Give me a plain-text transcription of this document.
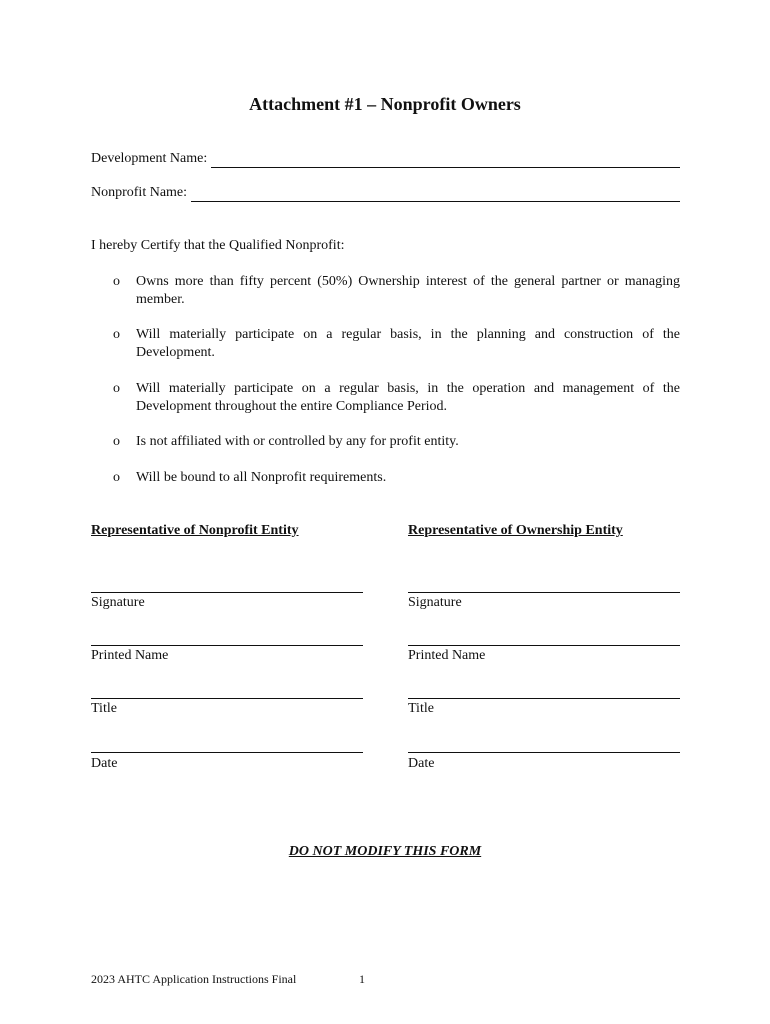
Attachment #1 – Nonprofit Owners
Development Name:
Nonprofit Name:
I hereby Certify that the Qualified Nonprofit:
o Owns more than fifty percent (50%) Ownership interest of the general partner or managing member.
o Will materially participate on a regular basis, in the planning and construction of the Development.
o Will materially participate on a regular basis, in the operation and management of the Development throughout the entire Compliance Period.
o Is not affiliated with or controlled by any for profit entity.
o Will be bound to all Nonprofit requirements.
Representative of Nonprofit Entity	Representative of Ownership Entity
Signature
Printed Name
Title
Date
Signature
Printed Name
Title
Date
DO NOT MODIFY THIS FORM
2023 AHTC Application Instructions Final	1
